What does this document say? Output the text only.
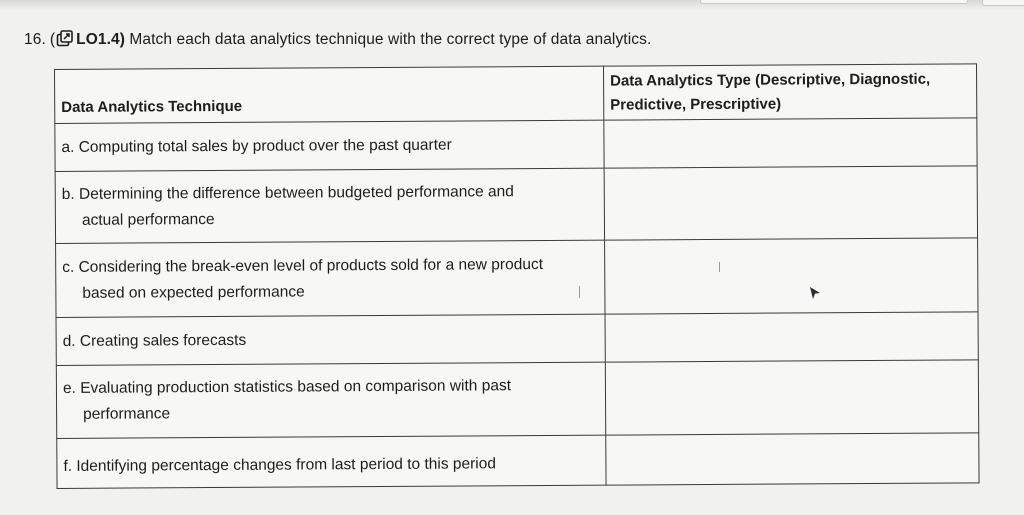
16. ( LO1.4) Match each data analytics technique with the correct type of data analytics.
Data Analytics Technique	Data Analytics Type (Descriptive, Diagnostic,
Predictive, Prescriptive)
a. Computing total sales by product over the past quarter	
b. Determining the difference between budgeted performance and
actual performance	

c. Considering the break-even level of products sold for a new product
based on expected performance	

d. Creating sales forecasts	
e. Evaluating production statistics based on comparison with past
performance	

f. Identifying percentage changes from last period to this period	
